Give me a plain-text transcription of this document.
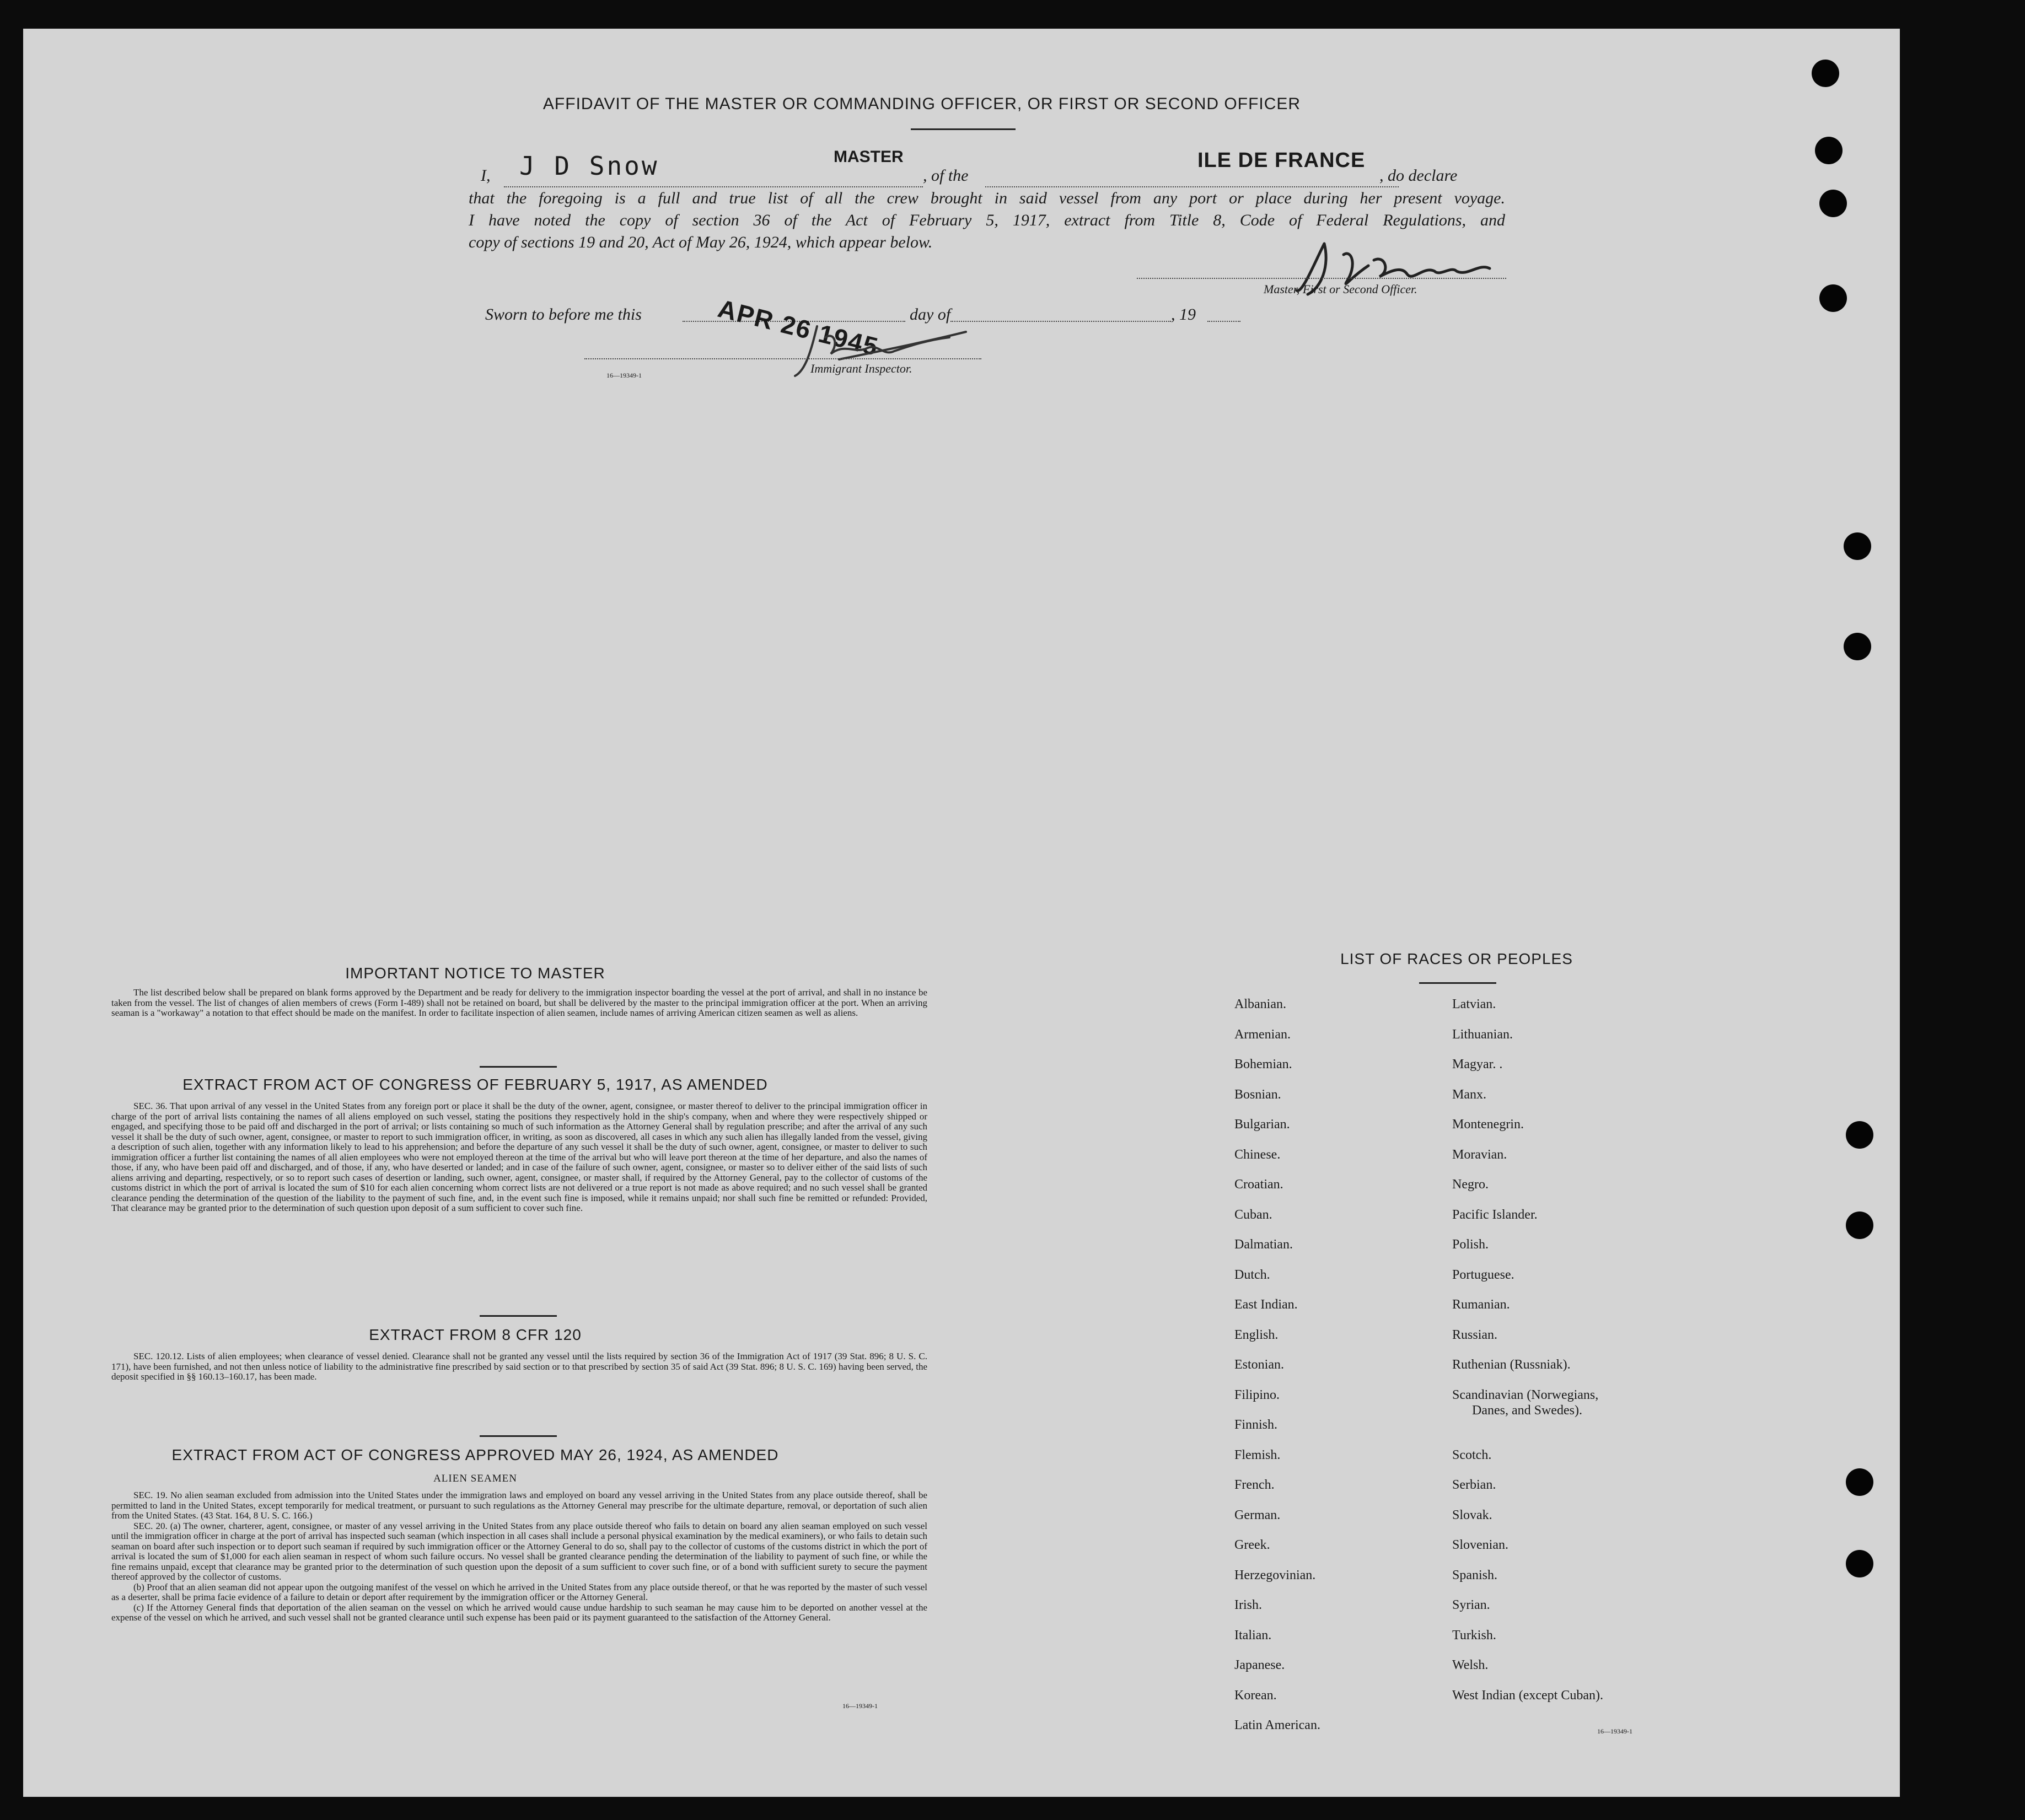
AFFIDAVIT OF THE MASTER OR COMMANDING OFFICER, OR FIRST OR SECOND OFFICER
I, J D Snow	MASTER
, of the
ILE DE FRANCE
, do declare
that the foregoing is a full and true list of all the crew brought in said vessel from any port or place during her present voyage.
I have noted the copy of section 36 of the Act of February 5, 1917, extract from Title 8, Code of Federal Regulations, and
copy of sections 19 and 20, Act of May 26, 1924, which appear below.
Master, First or Second Officer.
Sworn to before me this	APR 26 1945 day of	, 19
Immigrant Inspector.
16—19349-1
IMPORTANT NOTICE TO MASTER

The list described below shall be prepared on blank forms approved by the Department and be ready for delivery to the immigration inspector boarding the vessel at the port of arrival, and shall in no instance be taken from the vessel. The list of changes of alien members of crews (Form I-489) shall not be retained on board, but shall be delivered by the master to the principal immigration officer at the port. When an arriving seaman is a "workaway" a notation to that effect should be made on the manifest. In order to facilitate inspection of alien seamen, include names of arriving American citizen seamen as well as aliens.

EXTRACT FROM ACT OF CONGRESS OF FEBRUARY 5, 1917, AS AMENDED

SEC. 36. That upon arrival of any vessel in the United States from any foreign port or place it shall be the duty of the owner, agent, consignee, or master thereof to deliver to the principal immigration officer in charge of the port of arrival lists containing the names of all aliens employed on such vessel, stating the positions they respectively hold in the ship's company, when and where they were respectively shipped or engaged, and specifying those to be paid off and discharged in the port of arrival; or lists containing so much of such information as the Attorney General shall by regulation prescribe; and after the arrival of any such vessel it shall be the duty of such owner, agent, consignee, or master to report to such immigration officer, in writing, as soon as discovered, all cases in which any such alien has illegally landed from the vessel, giving a description of such alien, together with any information likely to lead to his apprehension; and before the departure of any such vessel it shall be the duty of such owner, agent, consignee, or master to deliver to such immigration officer a further list containing the names of all alien employees who were not employed thereon at the time of the arrival but who will leave port thereon at the time of her departure, and also the names of those, if any, who have been paid off and discharged, and of those, if any, who have deserted or landed; and in case of the failure of such owner, agent, consignee, or master so to deliver either of the said lists of such aliens arriving and departing, respectively, or so to report such cases of desertion or landing, such owner, agent, consignee, or master shall, if required by the Attorney General, pay to the collector of customs of the customs district in which the port of arrival is located the sum of $10 for each alien concerning whom correct lists are not delivered or a true report is not made as above required; and no such vessel shall be granted clearance pending the determination of the question of the liability to the payment of such fine, and, in the event such fine is imposed, while it remains unpaid; nor shall such fine be remitted or refunded: Provided, That clearance may be granted prior to the determination of such question upon deposit of a sum sufficient to cover such fine.

EXTRACT FROM 8 CFR 120

SEC. 120.12. Lists of alien employees; when clearance of vessel denied. Clearance shall not be granted any vessel until the lists required by section 36 of the Immigration Act of 1917 (39 Stat. 896; 8 U. S. C. 171), have been furnished, and not then unless notice of liability to the administrative fine prescribed by said section or to that prescribed by section 35 of said Act (39 Stat. 896; 8 U. S. C. 169) having been served, the deposit specified in §§ 160.13–160.17, has been made.

EXTRACT FROM ACT OF CONGRESS APPROVED MAY 26, 1924, AS AMENDED
ALIEN SEAMEN

SEC. 19. No alien seaman excluded from admission into the United States under the immigration laws and employed on board any vessel arriving in the United States from any place outside thereof, shall be permitted to land in the United States, except temporarily for medical treatment, or pursuant to such regulations as the Attorney General may prescribe for the ultimate departure, removal, or deportation of such alien from the United States. (43 Stat. 164, 8 U. S. C. 166.)

SEC. 20. (a) The owner, charterer, agent, consignee, or master of any vessel arriving in the United States from any place outside thereof who fails to detain on board any alien seaman employed on such vessel until the immigration officer in charge at the port of arrival has inspected such seaman (which inspection in all cases shall include a personal physical examination by the medical examiners), or who fails to detain such seaman on board after such inspection or to deport such seaman if required by such immigration officer or the Attorney General to do so, shall pay to the collector of customs of the customs district in which the port of arrival is located the sum of $1,000 for each alien seaman in respect of whom such failure occurs. No vessel shall be granted clearance pending the determination of the liability to payment of such fine, or while the fine remains unpaid, except that clearance may be granted prior to the determination of such question upon the deposit of a sum sufficient to cover such fine, or of a bond with sufficient surety to secure the payment thereof approved by the collector of customs.

(b) Proof that an alien seaman did not appear upon the outgoing manifest of the vessel on which he arrived in the United States from any place outside thereof, or that he was reported by the master of such vessel as a deserter, shall be prima facie evidence of a failure to detain or deport after requirement by the immigration officer or the Attorney General.

(c) If the Attorney General finds that deportation of the alien seaman on the vessel on which he arrived would cause undue hardship to such seaman he may cause him to be deported on another vessel at the expense of the vessel on which he arrived, and such vessel shall not be granted clearance until such expense has been paid or its payment guaranteed to the satisfaction of the Attorney General.

16—19349-1
LIST OF RACES OR PEOPLES
Albanian.
Armenian.
Bohemian.
Bosnian.
Bulgarian.
Chinese.
Croatian.
Cuban.
Dalmatian.
Dutch.
East Indian.
English.
Estonian.
Filipino.
Finnish.
Flemish.
French.
German.
Greek.
Herzegovinian.
Irish.
Italian.
Japanese.
Korean.
Latin American.
Latvian.
Lithuanian.
Magyar. .
Manx.
Montenegrin.
Moravian.
Negro.
Pacific Islander.
Polish.
Portuguese.
Rumanian.
Russian.
Ruthenian (Russniak).
Scandinavian (Norwegians,
Danes, and Swedes).
Scotch.
Serbian.
Slovak.
Slovenian.
Spanish.
Syrian.
Turkish.
Welsh.
West Indian (except Cuban).
16—19349-1
